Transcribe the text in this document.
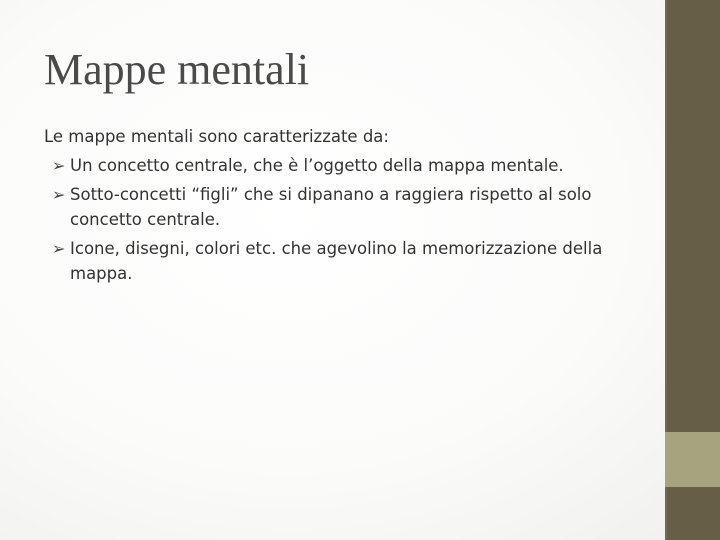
Mappe mentali

Le mappe mentali sono caratterizzate da:

➢ Un concetto centrale, che è l’oggetto della mappa mentale.
➢ Sotto-concetti “figli” che si dipanano a raggiera rispetto al solo concetto centrale.
➢ Icone, disegni, colori etc. che agevolino la memorizzazione della mappa.
